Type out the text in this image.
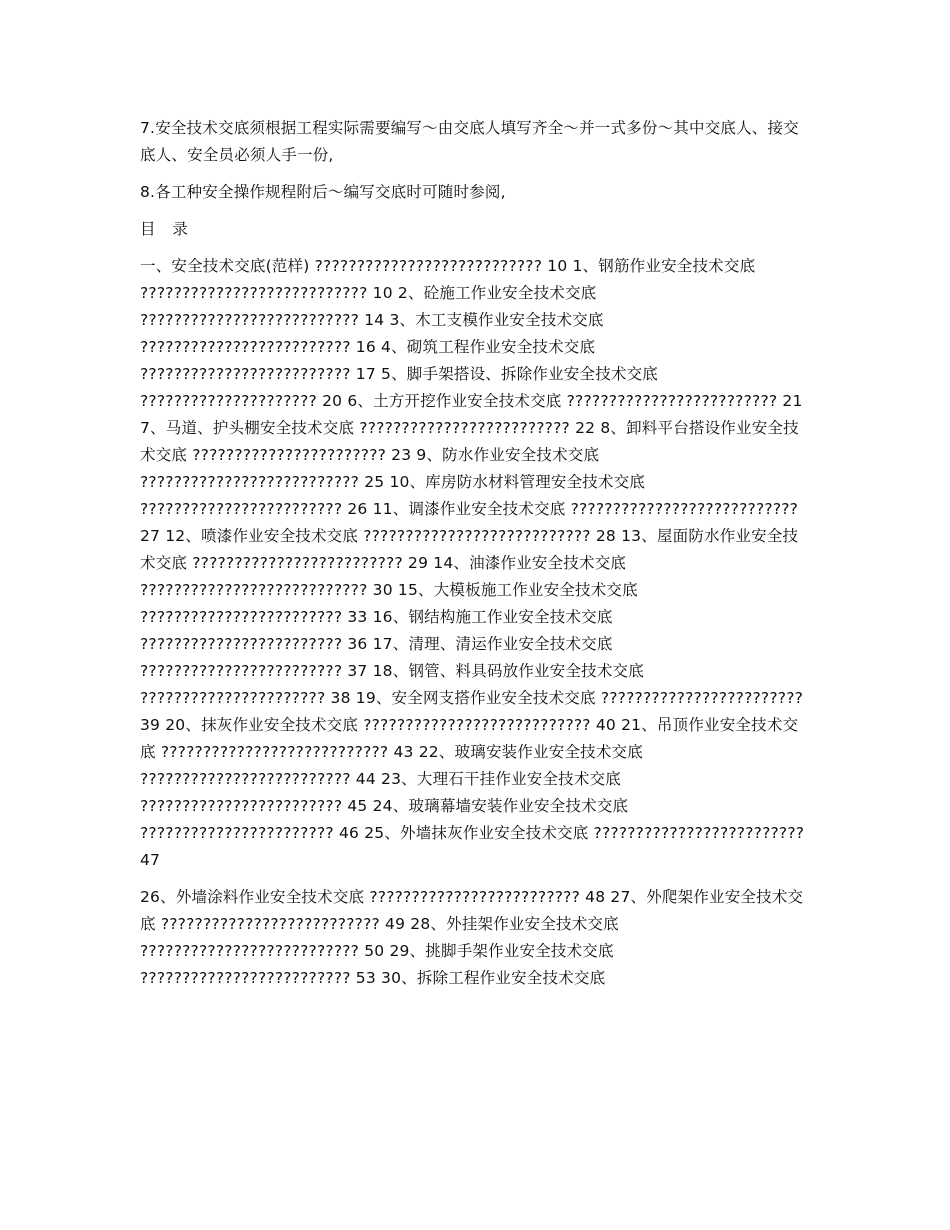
7.安全技术交底须根据工程实际需要编写～由交底人填写齐全～并一式多份～其中交底人、接交底人、安全员必须人手一份,

8.各工种安全操作规程附后～编写交底时可随时参阅,

目 录

一、安全技术交底(范样) ??????????????????????????? 10 1、钢筋作业安全技术交底 ??????????????????????????? 10 2、砼施工作业安全技术交底 ?????????????????????????? 14 3、木工支模作业安全技术交底 ????????????????????????? 16 4、砌筑工程作业安全技术交底 ????????????????????????? 17 5、脚手架搭设、拆除作业安全技术交底 ????????????????????? 20 6、土方开挖作业安全技术交底 ????????????????????????? 21 7、马道、护头棚安全技术交底 ????????????????????????? 22 8、卸料平台搭设作业安全技术交底 ??????????????????????? 23 9、防水作业安全技术交底 ?????????????????????????? 25 10、库房防水材料管理安全技术交底 ???????????????????????? 26 11、调漆作业安全技术交底 ??????????????????????????? 27 12、喷漆作业安全技术交底 ??????????????????????????? 28 13、屋面防水作业安全技术交底 ????????????????????????? 29 14、油漆作业安全技术交底 ??????????????????????????? 30 15、大模板施工作业安全技术交底 ???????????????????????? 33 16、钢结构施工作业安全技术交底 ???????????????????????? 36 17、清理、清运作业安全技术交底 ???????????????????????? 37 18、钢管、料具码放作业安全技术交底 ?????????????????????? 38 19、安全网支搭作业安全技术交底 ???????????????????????? 39 20、抹灰作业安全技术交底 ??????????????????????????? 40 21、吊顶作业安全技术交底 ??????????????????????????? 43 22、玻璃安装作业安全技术交底 ????????????????????????? 44 23、大理石干挂作业安全技术交底 ???????????????????????? 45 24、玻璃幕墙安装作业安全技术交底 ??????????????????????? 46 25、外墙抹灰作业安全技术交底 ????????????????????????? 47

26、外墙涂料作业安全技术交底 ????????????????????????? 48 27、外爬架作业安全技术交底 ?????????????????????????? 49 28、外挂架作业安全技术交底 ?????????????????????????? 50 29、挑脚手架作业安全技术交底 ????????????????????????? 53 30、拆除工程作业安全技术交底
